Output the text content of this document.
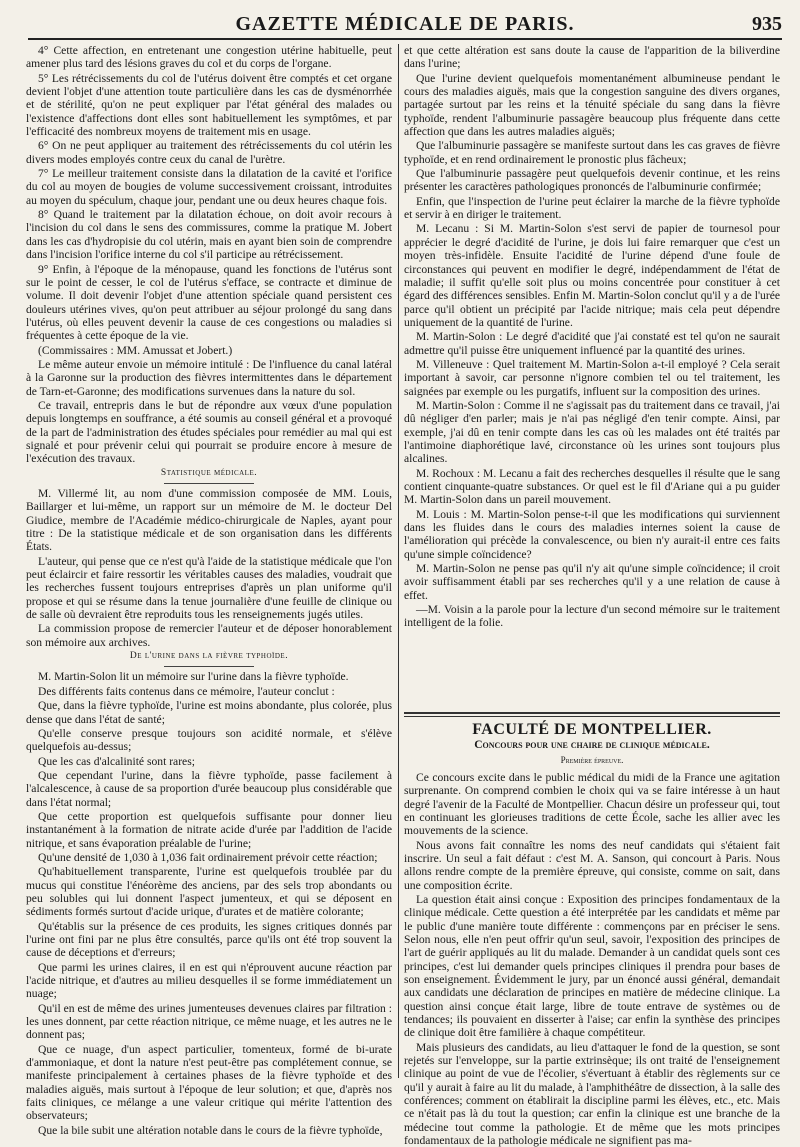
GAZETTE MÉDICALE DE PARIS.	935

4° Cette affection, en entretenant une congestion utérine habituelle, peut amener plus tard des lésions graves du col et du corps de l'organe.

5° Les rétrécissements du col de l'utérus doivent être comptés et cet organe devient l'objet d'une attention toute particulière dans les cas de dysménorrhée et de stérilité, qu'on ne peut expliquer par l'état général des malades ou l'existence d'affections dont elles sont habituellement les symptômes, et par l'efficacité des nombreux moyens de traitement mis en usage.

6° On ne peut appliquer au traitement des rétrécissements du col utérin les divers modes employés contre ceux du canal de l'urètre.

7° Le meilleur traitement consiste dans la dilatation de la cavité et l'orifice du col au moyen de bougies de volume successivement croissant, introduites au moyen du spéculum, chaque jour, pendant une ou deux heures chaque fois.

8° Quand le traitement par la dilatation échoue, on doit avoir recours à l'incision du col dans le sens des commissures, comme la pratique M. Jobert dans les cas d'hydropisie du col utérin, mais en ayant bien soin de comprendre dans l'incision l'orifice interne du col s'il participe au rétrécissement.

9° Enfin, à l'époque de la ménopause, quand les fonctions de l'utérus sont sur le point de cesser, le col de l'utérus s'efface, se contracte et diminue de volume. Il doit devenir l'objet d'une attention spéciale quand persistent ces douleurs utérines vives, qu'on peut attribuer au séjour prolongé du sang dans l'utérus, où elles peuvent devenir la cause de ces congestions ou maladies si fréquentes à cette époque de la vie.

(Commissaires : MM. Amussat et Jobert.)

Le même auteur envoie un mémoire intitulé : De l'influence du canal latéral à la Garonne sur la production des fièvres intermittentes dans le département de Tarn-et-Garonne; des modifications survenues dans la nature du sol.

Ce travail, entrepris dans le but de répondre aux vœux d'une population depuis longtemps en souffrance, a été soumis au conseil général et a provoqué de la part de l'administration des études spéciales pour remédier au mal qui est signalé et pour prévenir celui qui pourrait se produire encore à mesure de l'exécution des travaux.

Statistique médicale.

M. Villermé lit, au nom d'une commission composée de MM. Louis, Baillarger et lui-même, un rapport sur un mémoire de M. le docteur Del Giudice, membre de l'Académie médico-chirurgicale de Naples, ayant pour titre : De la statistique médicale et de son organisation dans les différents États.

L'auteur, qui pense que ce n'est qu'à l'aide de la statistique médicale que l'on peut éclaircir et faire ressortir les véritables causes des maladies, voudrait que les recherches fussent toujours entreprises d'après un plan uniforme qu'il propose et qui se résume dans la tenue journalière d'une feuille de clinique ou de salle où devraient être reproduits tous les renseignements jugés utiles.

La commission propose de remercier l'auteur et de déposer honorablement son mémoire aux archives.

De l'urine dans la fièvre typhoïde.

M. Martin-Solon lit un mémoire sur l'urine dans la fièvre typhoïde.

Des différents faits contenus dans ce mémoire, l'auteur conclut :

Que, dans la fièvre typhoïde, l'urine est moins abondante, plus colorée, plus dense que dans l'état de santé;

Qu'elle conserve presque toujours son acidité normale, et s'élève quelquefois au-dessus;

Que les cas d'alcalinité sont rares;

Que cependant l'urine, dans la fièvre typhoïde, passe facilement à l'alcalescence, à cause de sa proportion d'urée beaucoup plus considérable que dans l'état normal;

Que cette proportion est quelquefois suffisante pour donner lieu instantanément à la formation de nitrate acide d'urée par l'addition de l'acide nitrique, et sans évaporation préalable de l'urine;

Qu'une densité de 1,030 à 1,036 fait ordinairement prévoir cette réaction;

Qu'habituellement transparente, l'urine est quelquefois troublée par du mucus qui constitue l'énéorème des anciens, par des sels trop abondants ou peu solubles qui lui donnent l'aspect jumenteux, et qui se déposent en sédiments formés surtout d'acide urique, d'urates et de matière colorante;

Qu'établis sur la présence de ces produits, les signes critiques donnés par l'urine ont fini par ne plus être consultés, parce qu'ils ont été trop souvent la cause de déceptions et d'erreurs;

Que parmi les urines claires, il en est qui n'éprouvent aucune réaction par l'acide nitrique, et d'autres au milieu desquelles il se forme immédiatement un nuage;

Qu'il en est de même des urines jumenteuses devenues claires par filtration : les unes donnent, par cette réaction nitrique, ce même nuage, et les autres ne le donnent pas;

Que ce nuage, d'un aspect particulier, tomenteux, formé de bi-urate d'ammoniaque, et dont la nature n'est peut-être pas complétement connue, se manifeste principalement à certaines phases de la fièvre typhoïde et des maladies aiguës, mais surtout à l'époque de leur solution; et que, d'après nos faits cliniques, ce mélange a une valeur critique qui mérite l'attention des observateurs;

Que la bile subit une altération notable dans le cours de la fièvre typhoïde,

et que cette altération est sans doute la cause de l'apparition de la biliverdine dans l'urine;

Que l'urine devient quelquefois momentanément albumineuse pendant le cours des maladies aiguës, mais que la congestion sanguine des divers organes, partagée surtout par les reins et la ténuité spéciale du sang dans la fièvre typhoïde, rendent l'albuminurie passagère beaucoup plus fréquente dans cette affection que dans les autres maladies aiguës;

Que l'albuminurie passagère se manifeste surtout dans les cas graves de fièvre typhoïde, et en rend ordinairement le pronostic plus fâcheux;

Que l'albuminurie passagère peut quelquefois devenir continue, et les reins présenter les caractères pathologiques prononcés de l'albuminurie confirmée;

Enfin, que l'inspection de l'urine peut éclairer la marche de la fièvre typhoïde et servir à en diriger le traitement.

M. Lecanu : Si M. Martin-Solon s'est servi de papier de tournesol pour apprécier le degré d'acidité de l'urine, je dois lui faire remarquer que c'est un moyen très-infidèle. Ensuite l'acidité de l'urine dépend d'une foule de circonstances qui peuvent en modifier le degré, indépendamment de l'état de maladie; il suffit qu'elle soit plus ou moins concentrée pour constituer à cet égard des différences sensibles. Enfin M. Martin-Solon conclut qu'il y a de l'urée parce qu'il obtient un précipité par l'acide nitrique; mais cela peut dépendre uniquement de la quantité de l'urine.

M. Martin-Solon : Le degré d'acidité que j'ai constaté est tel qu'on ne saurait admettre qu'il puisse être uniquement influencé par la quantité des urines.

M. Villeneuve : Quel traitement M. Martin-Solon a-t-il employé ? Cela serait important à savoir, car personne n'ignore combien tel ou tel traitement, les saignées par exemple ou les purgatifs, influent sur la composition des urines.

M. Martin-Solon : Comme il ne s'agissait pas du traitement dans ce travail, j'ai dû négliger d'en parler; mais je n'ai pas négligé d'en tenir compte. Ainsi, par exemple, j'ai dû en tenir compte dans les cas où les malades ont été traités par l'antimoine diaphorétique lavé, circonstance où les urines sont toujours plus alcalines.

M. Rochoux : M. Lecanu a fait des recherches desquelles il résulte que le sang contient cinquante-quatre substances. Or quel est le fil d'Ariane qui a pu guider M. Martin-Solon dans un pareil mouvement.

M. Louis : M. Martin-Solon pense-t-il que les modifications qui surviennent dans les fluides dans le cours des maladies internes soient la cause de l'amélioration qui précède la convalescence, ou bien n'y aurait-il entre ces faits qu'une simple coïncidence?

M. Martin-Solon ne pense pas qu'il n'y ait qu'une simple coïncidence; il croit avoir suffisamment établi par ses recherches qu'il y a une relation de cause à effet.

—M. Voisin a la parole pour la lecture d'un second mémoire sur le traitement intelligent de la folie.

FACULTÉ DE MONTPELLIER.
Concours pour une chaire de clinique médicale.
Première épreuve.

Ce concours excite dans le public médical du midi de la France une agitation surprenante. On comprend combien le choix qui va se faire intéresse à un haut degré l'avenir de la Faculté de Montpellier. Chacun désire un professeur qui, tout en continuant les glorieuses traditions de cette École, sache les allier avec les mouvements de la science.

Nous avons fait connaître les noms des neuf candidats qui s'étaient fait inscrire. Un seul a fait défaut : c'est M. A. Sanson, qui concourt à Paris. Nous allons rendre compte de la première épreuve, qui consiste, comme on sait, dans une composition écrite.

La question était ainsi conçue : Exposition des principes fondamentaux de la clinique médicale. Cette question a été interprétée par les candidats et même par le public d'une manière toute différente : commençons par en préciser le sens. Selon nous, elle n'en peut offrir qu'un seul, savoir, l'exposition des principes de l'art de guérir appliqués au lit du malade. Demander à un candidat quels sont ces principes, c'est lui demander quels principes cliniques il prendra pour bases de son enseignement. Évidemment le jury, par un énoncé aussi général, demandait aux candidats une déclaration de principes en matière de médecine clinique. La question ainsi conçue était large, libre de toute entrave de systèmes ou de tendances; ils pouvaient en disserter à l'aise; car enfin la synthèse des principes de clinique doit être familière à chaque compétiteur.

Mais plusieurs des candidats, au lieu d'attaquer le fond de la question, se sont rejetés sur l'enveloppe, sur la partie extrinsèque; ils ont traité de l'enseignement clinique au point de vue de l'écolier, s'évertuant à établir des règlements sur ce qu'il y aurait à faire au lit du malade, à l'amphithéâtre de dissection, à la salle des conférences; comment on établirait la discipline parmi les élèves, etc., etc. Mais ce n'était pas là du tout la question; car enfin la clinique est une branche de la médecine tout comme la pathologie. Et de même que les mots principes fondamentaux de la pathologie médicale ne signifient pas ma-
